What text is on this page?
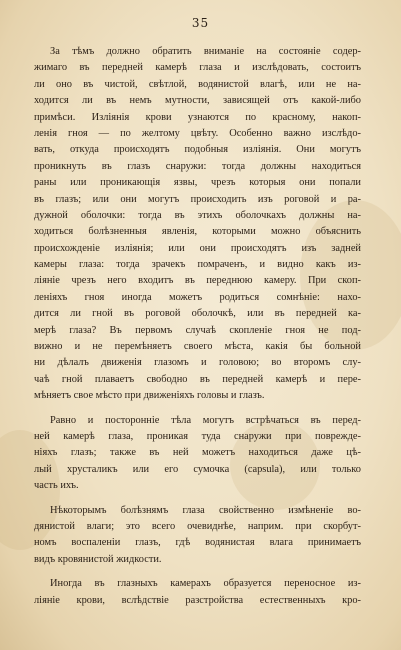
35
За тѣмъ должно обратить вниманіе на состояніе содер-
жимаго въ передней камерѣ глаза и изслѣдовать, состоитъ
ли оно въ чистой, свѣтлой, водянистой влагѣ, или не на-
ходится ли въ немъ мутности, зависящей отъ какой-либо
примѣси. Изліянія крови узнаются по красному, накоп-
ленія гноя — по желтому цвѣту. Особенно важно изслѣдо-
вать, откуда происходятъ подобныя изліянія. Они могутъ
проникнуть въ глазъ снаружи: тогда должны находиться
раны или проникающія язвы, чрезъ которыя они попали
въ глазъ; или они могутъ происходить изъ роговой и ра-
дужной оболочки: тогда въ этихъ оболочкахъ должны на-
ходиться болѣзненныя явленія, которыми можно объяснить
происхожденіе изліянія; или они происходятъ изъ задней
камеры глаза: тогда зрачекъ помраченъ, и видно какъ из-
ліяніе чрезъ него входитъ въ переднюю камеру. При скоп-
леніяхъ гноя иногда можетъ родиться сомнѣніе: нахо-
дится ли гной въ роговой оболочкѣ, или въ передней ка-
мерѣ глаза? Въ первомъ случаѣ скопленіе гноя не под-
вижно и не перемѣняетъ своего мѣста, какія бы больной
ни дѣлалъ движенія глазомъ и головою; во второмъ слу-
чаѣ гной плаваетъ свободно въ передней камерѣ и пере-
мѣняетъ свое мѣсто при движеніяхъ головы и глазъ.
Равно и посторонніе тѣла могутъ встрѣчаться въ перед-
ней камерѣ глаза, проникая туда снаружи при поврежде-
ніяхъ глазъ; также въ ней можетъ находиться даже цѣ-
лый хрусталикъ или его сумочка (capsula), или только
часть ихъ.
Нѣкоторымъ болѣзнямъ глаза свойственно измѣненіе во-
дянистой влаги; это всего очевиднѣе, наприм. при скорбут-
номъ воспаленіи глазъ, гдѣ водянистая влага принимаетъ
видъ кровянистой жидкости.
Иногда въ глазныхъ камерахъ образуется переносное из-
ліяніе крови, вслѣдствіе разстройства естественныхъ кро-
